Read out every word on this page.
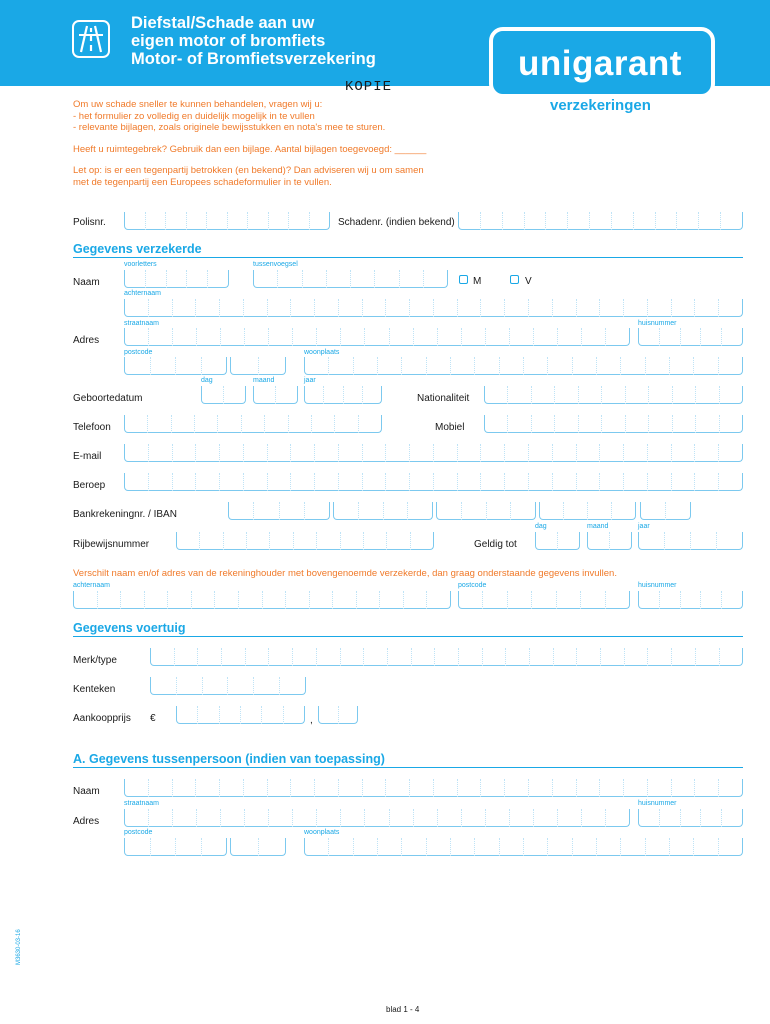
Diefstal/Schade aan uw
eigen motor of bromfiets
Motor- of Bromfietsverzekering
KOPIE
unigarant
verzekeringen
Om uw schade sneller te kunnen behandelen, vragen wij u:
- het formulier zo volledig en duidelijk mogelijk in te vullen
- relevante bijlagen, zoals originele bewijsstukken en nota's mee te sturen.
Heeft u ruimtegebrek? Gebruik dan een bijlage. Aantal bijlagen toegevoegd: ______
Let op: is er een tegenpartij betrokken (en bekend)? Dan adviseren wij u om samen
met de tegenpartij een Europees schadeformulier in te vullen.
Polisnr.	Schadenr. (indien bekend)
Gegevens verzekerde
voorletters	tussenvoegsel
Naam	M	V
achternaam
straatnaam	huisnummer
Adres
postcode	woonplaats
dag	maand	jaar
Geboortedatum	Nationaliteit
Telefoon	Mobiel
E-mail
Beroep
Bankrekeningnr. / IBAN
dag	maand	jaar
Rijbewijsnummer	Geldig tot
Verschilt naam en/of adres van de rekeninghouder met bovengenoemde verzekerde, dan graag onderstaande gegevens invullen.
achternaam	postcode	huisnummer
Gegevens voertuig
Merk/type
Kenteken
Aankoopprijs €	,
A. Gegevens tussenpersoon (indien van toepassing)
Naam
straatnaam	huisnummer
Adres
postcode	woonplaats
M3630-03-16
blad 1 - 4
